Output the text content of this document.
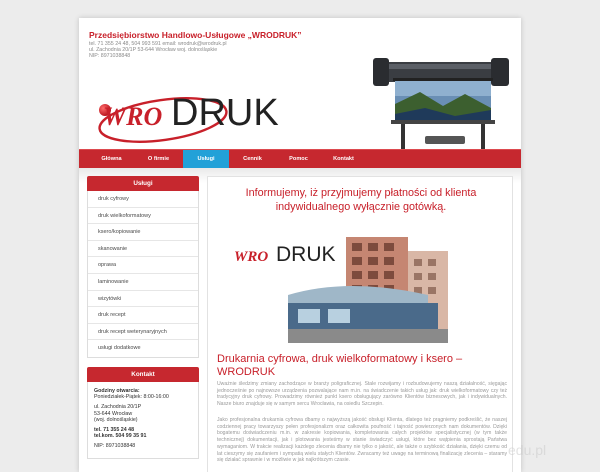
Przedsiębiorstwo Handlowo-Usługowe „WRODRUK”
tel. 71 355 24 48, 504 993 591 email: wrodruk@wrodruk.pl
ul. Zachodnia 20/1P 53-644 Wrocław woj. dolnośląskie
NIP: 8971038848
WRO DRUK
Główna	O firmie	Usługi	Cennik	Pomoc	Kontakt
Usługi
druk cyfrowy
druk wielkoformatowy
ksero/kopiowanie
skanowanie
oprawa
laminowanie
wizytówki
druk recept
druk recept weterynaryjnych
usługi dodatkowe
Kontakt
Godziny otwarcia:
Poniedziałek-Piątek: 8:00-16:00
ul. Zachodnia 20/1P
53-644 Wrocław
(woj. dolnośląskie)
tel. 71 355 24 48
tel.kom. 504 99 35 91
NIP: 8971038848
Informujemy, iż przyjmujemy płatności od klienta indywidualnego wyłącznie gotówką.
WRO DRUK
Drukarnia cyfrowa, druk wielkoformatowy i ksero – WRODRUK

Uważnie śledzimy zmiany zachodzące w branży poligraficznej. Stale rozwijamy i rozbudowujemy naszą działalność, sięgając jednocześnie po najnowsze urządzenia pozwalające nam m.in. na świadczenie takich usług jak: druk wielkoformatowy czy też tradycyjny druk cyfrowy. Prowadzimy również punkt ksero obsługujący zarówno Klientów biznesowych, jak i indywidualnych. Nasze biuro znajduje się w samym sercu Wrocławia, na osiedlu Szczepin.

Jako profesjonalna drukarnia cyfrowa dbamy o najwyższą jakość obsługi Klienta, dlatego też prągniemy podkreślić, że naszej codziennej pracy towarzyszy pełen profesjonalizm oraz całkowita poufność i tajność powierzonych nam dokumentów. Dzięki bogatemu doświadczeniu m.in. w zakresie kopiowania, kompletowania całych projektów specjalistycznej (w tym także technicznej) dokumentacji, jak i plotowania jesteśmy w stanie świadczyć usługi, które bez wątpienia sprostają Państwa wymaganiom. W trakcie realizacji każdego zlecenia dbamy nie tylko o jakość, ale także o szybkość działania, dzięki czemu od lat cieszymy się zaufaniem i sympatią wielu stałych Klientów. Zwracamy też uwagę na terminową finalizację zlecenia – staramy się działać sprawnie i w możliwie w jak najkrótszym czasie.

edu.pl
